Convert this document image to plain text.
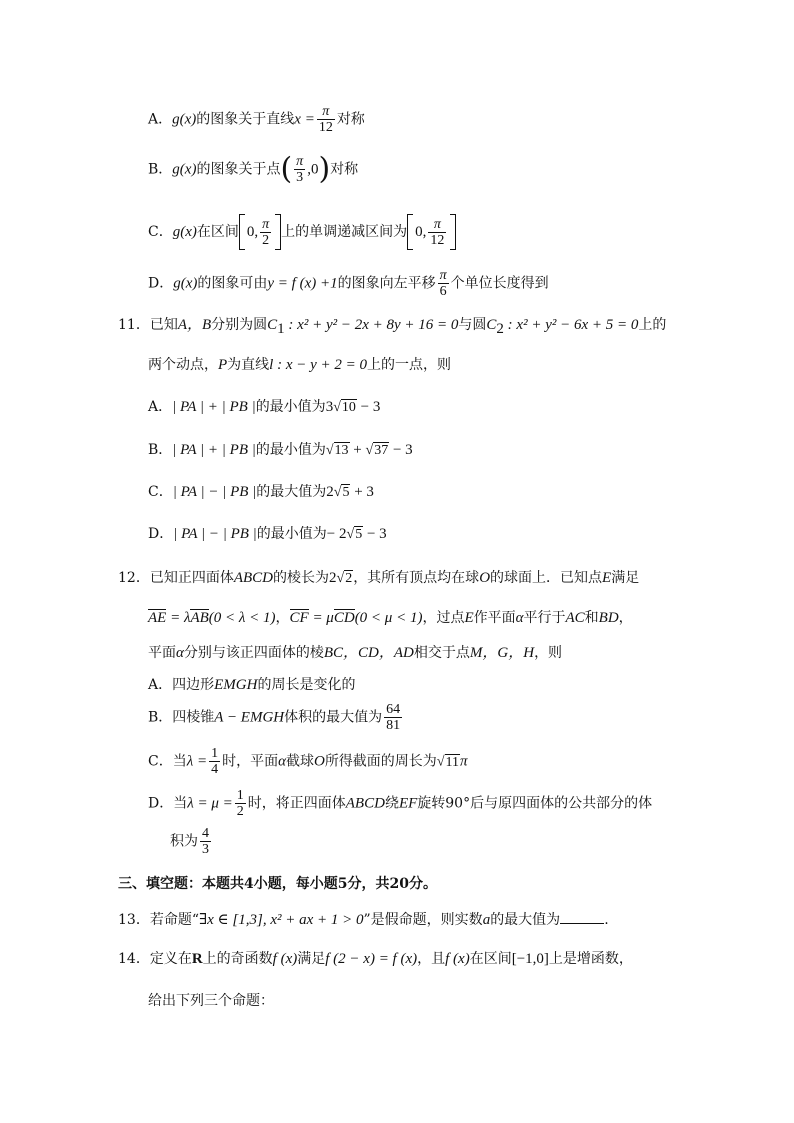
A．g(x)的图象关于直线$x = \frac{\pi}{12}$ 对称
B．g(x)的图象关于点( $\frac{\pi}{3} ,0$)对称
C．g(x)在区间 0, $\frac{\pi}{2}$ 上的单调递减区间为 0, $\frac{\pi}{12}$
D．g(x)的图象可由y = f (x) +1的图象向左平移 $\frac{\pi}{6}$ 个单位长度得到
11．已知A，B分别为圆$C_1$ : x² + y² − 2x + 8y + 16 = 0与圆$C_2$ : x² + y² − 6x + 5 = 0上的
两个动点，P为直线l : x − y + 2 = 0上的一点，则
A．| PA | + | PB |的最小值为3√10 − 3
B．| PA | + | PB |的最小值为√13 + √37 − 3
C．| PA | − | PB |的最大值为2√5 + 3
D．| PA | − | PB |的最小值为− 2√5 − 3
12．已知正四面体ABCD的棱长为2√2，其所有顶点均在球O的球面上．已知点E满足
AE = λAB(0 < λ < 1)，CF = μCD(0 < μ < 1)，过点E作平面α平行于AC和BD，
平面α分别与该正四面体的棱BC，CD，AD相交于点M，G，H，则
A．四边形EMGH的周长是变化的
B．四棱锥A − EMGH体积的最大值为 $\frac{64}{81}$
C．当$\lambda = \frac{1}{4}$ 时，平面α截球O所得截面的周长为√11π
D．当$\lambda = \mu = \frac{1}{2}$ 时，将正四面体ABCD绕EF旋转90°后与原四面体的公共部分的体
积为 $\frac{4}{3}$
三、填空题：本题共4小题，每小题5分，共20分。
13．若命题“∃x ∈ [1,3], x² + ax + 1 > 0”是假命题，则实数a的最大值为	.
14．定义在R上的奇函数f (x)满足f (2 − x) = f (x)，且f (x)在区间[−1,0]上是增函数，
给出下列三个命题：
